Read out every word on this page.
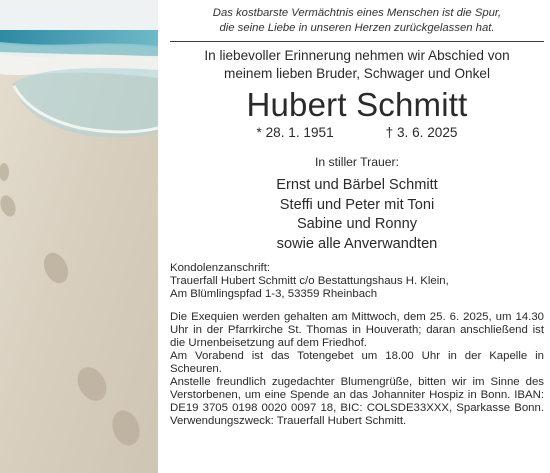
Das kostbarste Vermächtnis eines Menschen ist die Spur,
die seine Liebe in unseren Herzen zurückgelassen hat.
In liebevoller Erinnerung nehmen wir Abschied von
meinem lieben Bruder, Schwager und Onkel
Hubert Schmitt
* 28. 1. 1951	† 3. 6. 2025
In stiller Trauer:
Ernst und Bärbel Schmitt
Steffi und Peter mit Toni
Sabine und Ronny
sowie alle Anverwandten

Kondolenzanschrift:

Trauerfall Hubert Schmitt c/o Bestattungshaus H. Klein,

Am Blümlingspfad 1-3, 53359 Rheinbach

Die Exequien werden gehalten am Mittwoch, dem 25. 6. 2025, um 14.30 Uhr in der Pfarrkirche St. Thomas in Houverath; daran anschließend ist die Urnenbeisetzung auf dem Friedhof.

Am Vorabend ist das Totengebet um 18.00 Uhr in der Kapelle in Scheuren.

Anstelle freundlich zugedachter Blumengrüße, bitten wir im Sinne des Verstorbenen, um eine Spende an das Johanniter Hospiz in Bonn. IBAN: DE19 3705 0198 0020 0097 18, BIC: COLSDE33XXX, Sparkasse Bonn. Verwendungszweck: Trauerfall Hubert Schmitt.
